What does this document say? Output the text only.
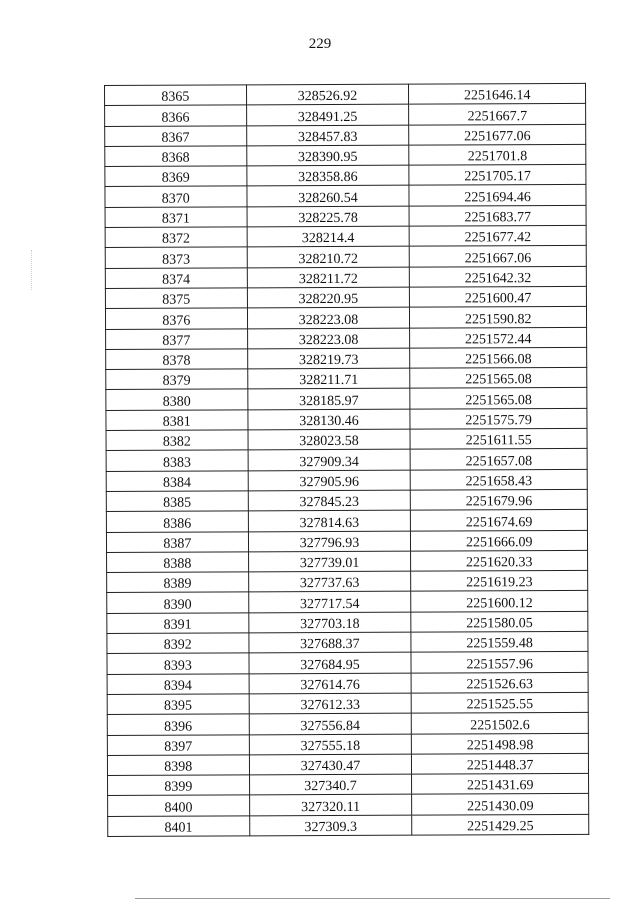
229
8365	328526.92	2251646.14
8366	328491.25	2251667.7
8367	328457.83	2251677.06
8368	328390.95	2251701.8
8369	328358.86	2251705.17
8370	328260.54	2251694.46
8371	328225.78	2251683.77
8372	328214.4	2251677.42
8373	328210.72	2251667.06
8374	328211.72	2251642.32
8375	328220.95	2251600.47
8376	328223.08	2251590.82
8377	328223.08	2251572.44
8378	328219.73	2251566.08
8379	328211.71	2251565.08
8380	328185.97	2251565.08
8381	328130.46	2251575.79
8382	328023.58	2251611.55
8383	327909.34	2251657.08
8384	327905.96	2251658.43
8385	327845.23	2251679.96
8386	327814.63	2251674.69
8387	327796.93	2251666.09
8388	327739.01	2251620.33
8389	327737.63	2251619.23
8390	327717.54	2251600.12
8391	327703.18	2251580.05
8392	327688.37	2251559.48
8393	327684.95	2251557.96
8394	327614.76	2251526.63
8395	327612.33	2251525.55
8396	327556.84	2251502.6
8397	327555.18	2251498.98
8398	327430.47	2251448.37
8399	327340.7	2251431.69
8400	327320.11	2251430.09
8401	327309.3	2251429.25
